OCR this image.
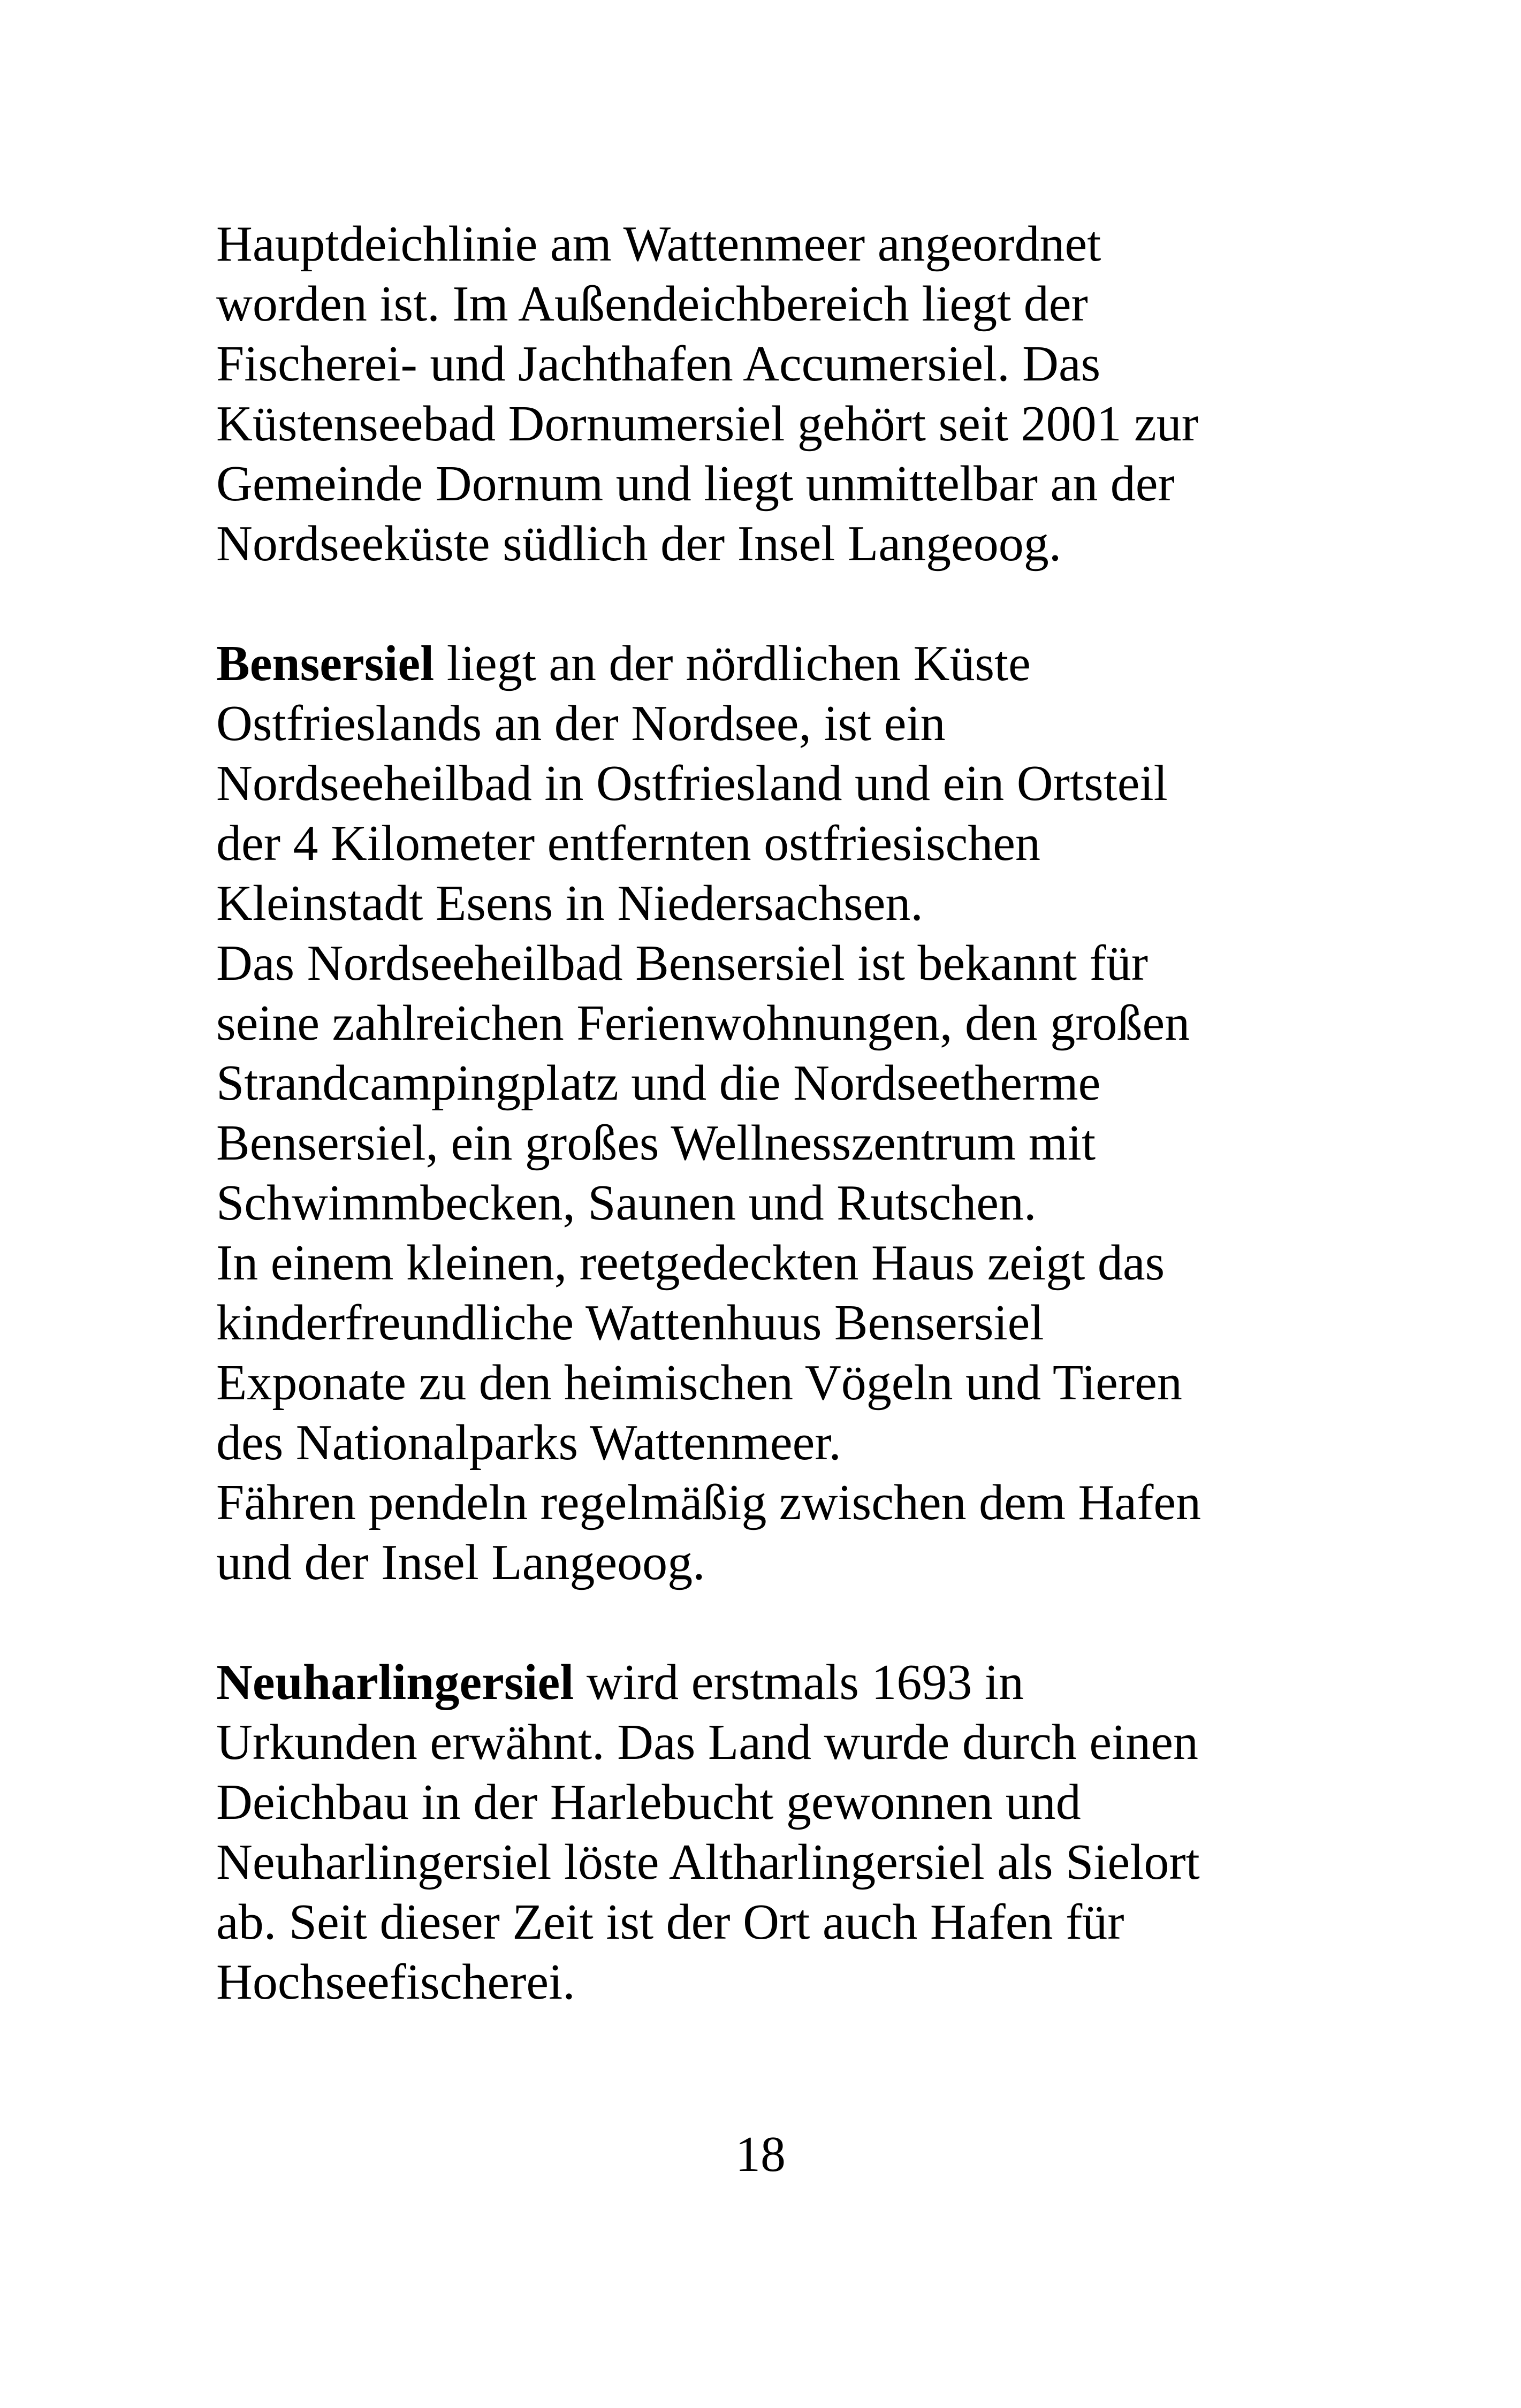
Hauptdeichlinie am Wattenmeer angeordnet
worden ist. Im Außendeichbereich liegt der
Fischerei- und Jachthafen Accumersiel. Das
Küstenseebad Dornumersiel gehört seit 2001 zur
Gemeinde Dornum und liegt unmittelbar an der
Nordseeküste südlich der Insel Langeoog.
Bensersiel liegt an der nördlichen Küste
Ostfrieslands an der Nordsee, ist ein
Nordseeheilbad in Ostfriesland und ein Ortsteil
der 4 Kilometer entfernten ostfriesischen
Kleinstadt Esens in Niedersachsen.
Das Nordseeheilbad Bensersiel ist bekannt für
seine zahlreichen Ferienwohnungen, den großen
Strandcampingplatz und die Nordseetherme
Bensersiel, ein großes Wellnesszentrum mit
Schwimmbecken, Saunen und Rutschen.
In einem kleinen, reetgedeckten Haus zeigt das
kinderfreundliche Wattenhuus Bensersiel
Exponate zu den heimischen Vögeln und Tieren
des Nationalparks Wattenmeer.
Fähren pendeln regelmäßig zwischen dem Hafen
und der Insel Langeoog.
Neuharlingersiel wird erstmals 1693 in
Urkunden erwähnt. Das Land wurde durch einen
Deichbau in der Harlebucht gewonnen und
Neuharlingersiel löste Altharlingersiel als Sielort
ab. Seit dieser Zeit ist der Ort auch Hafen für
Hochseefischerei.
18
